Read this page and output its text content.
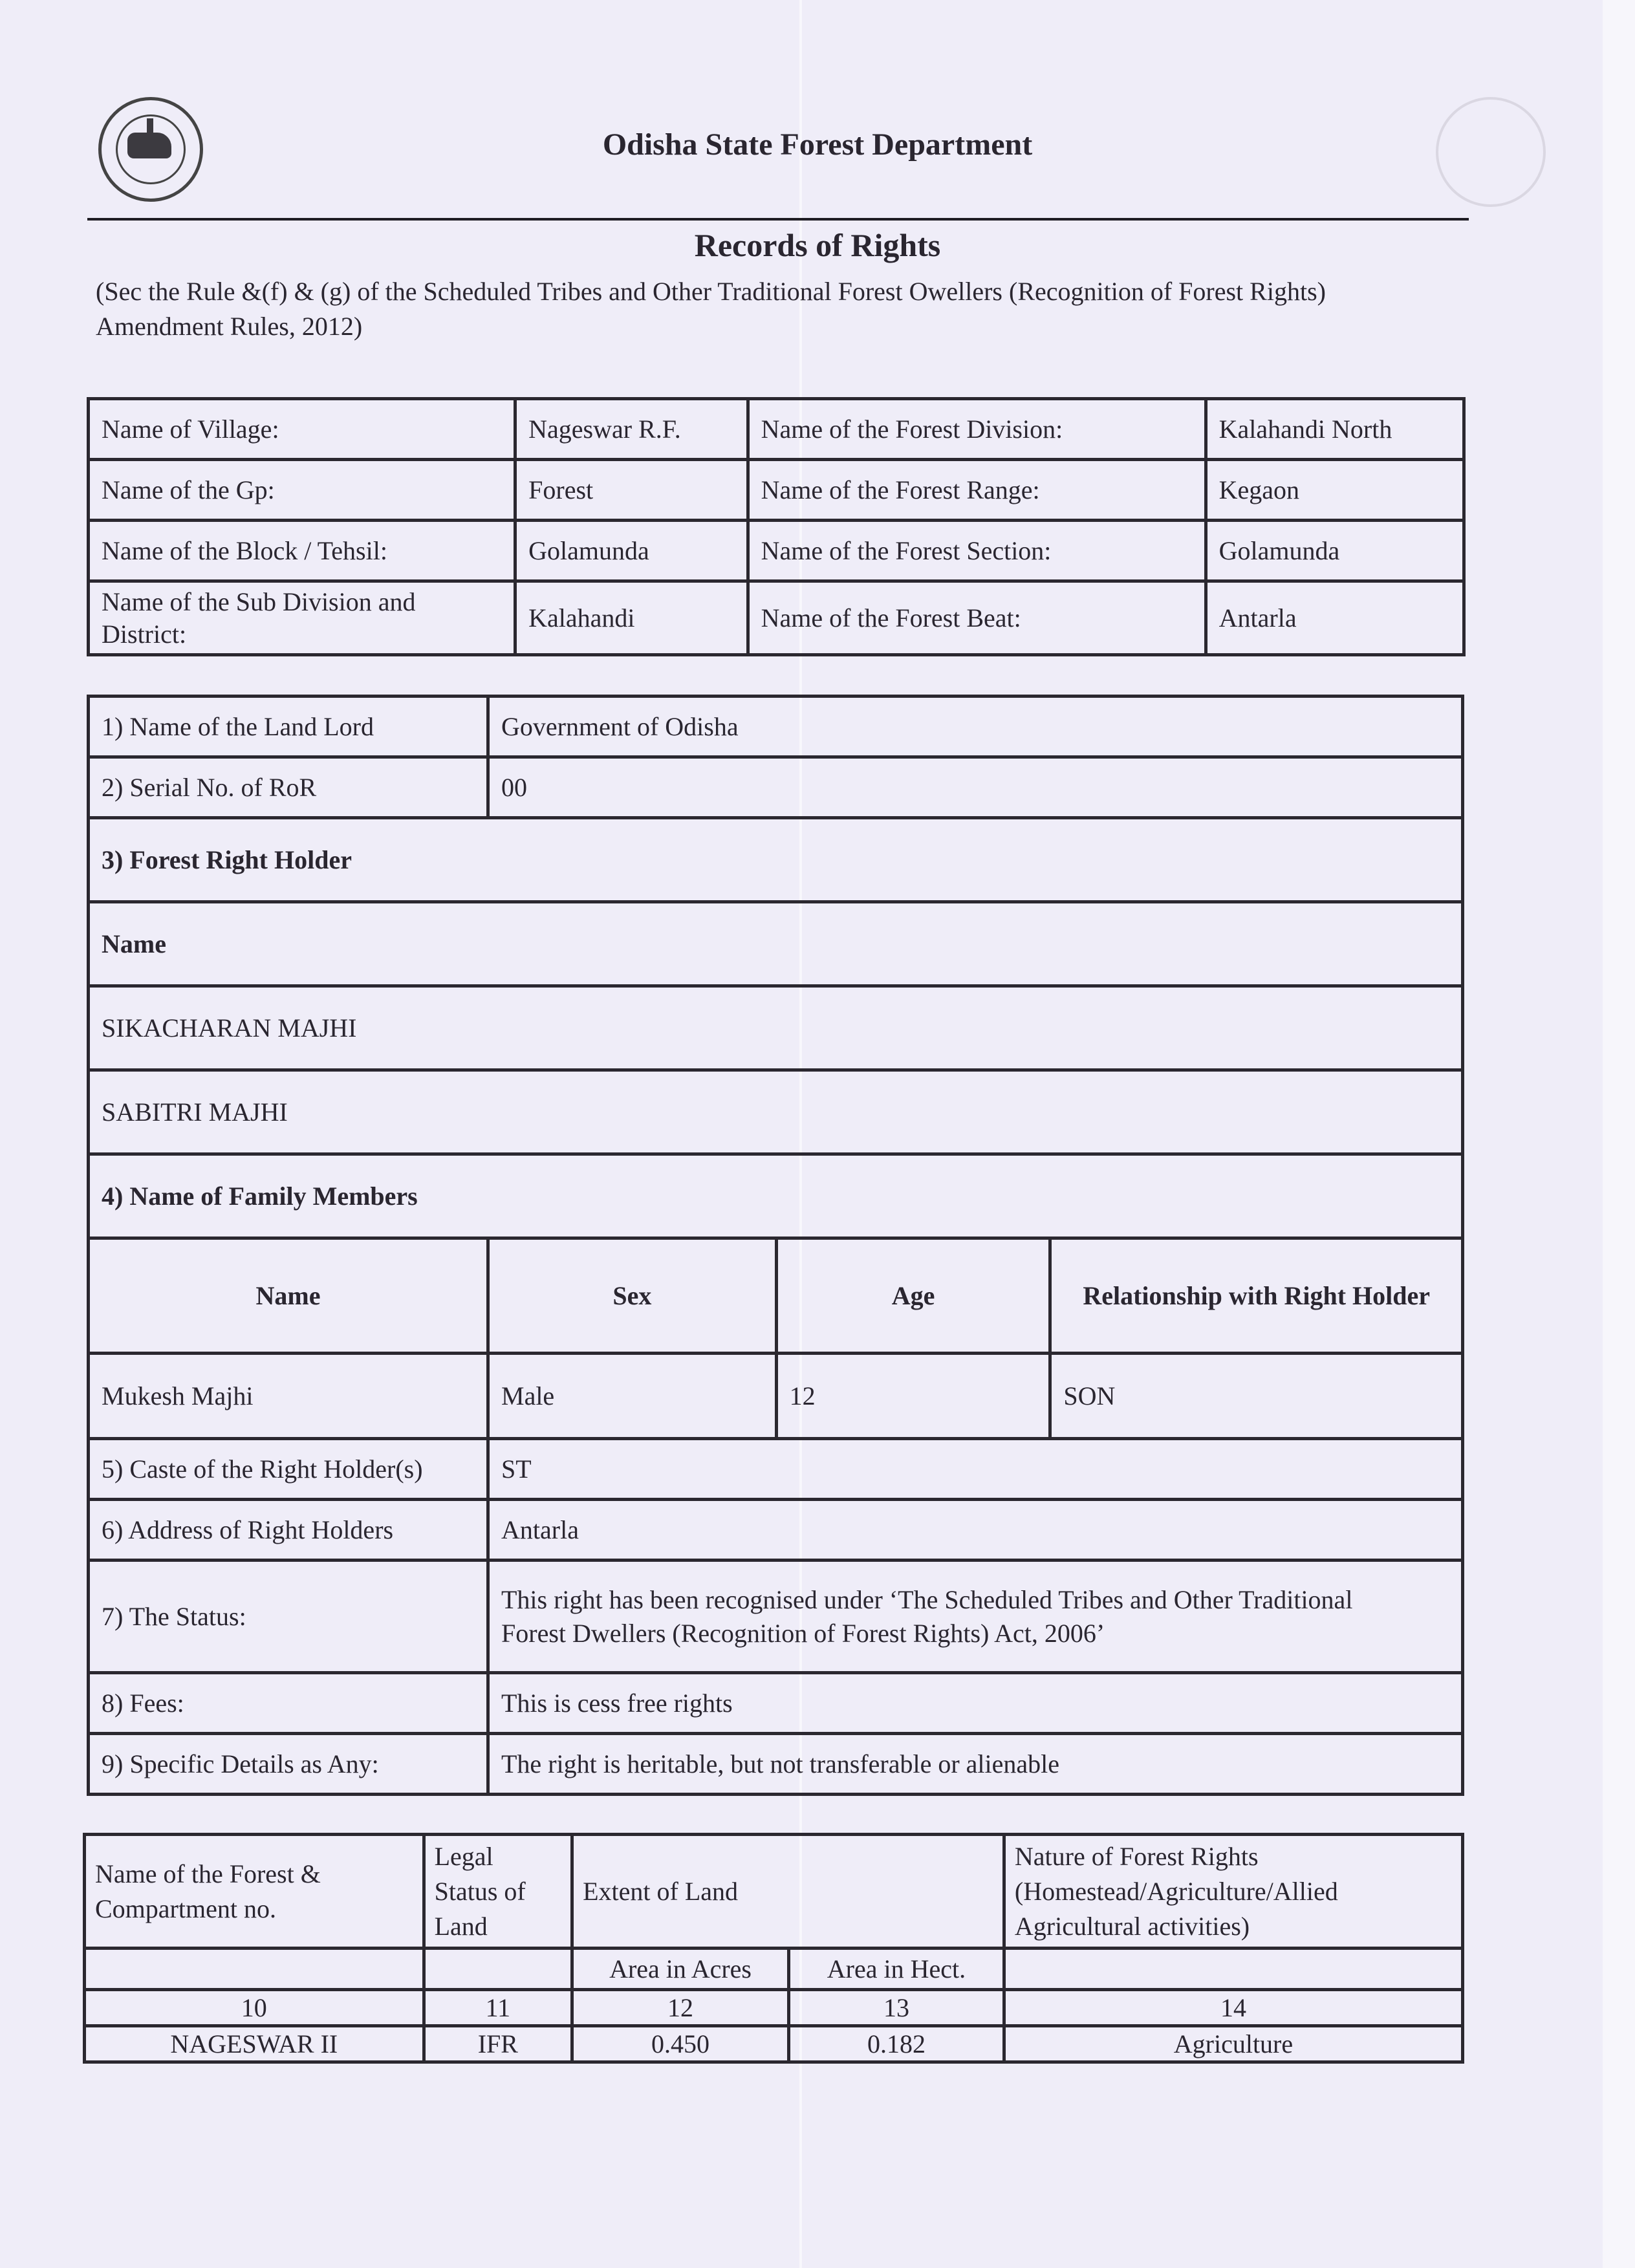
Odisha State Forest Department
Records of Rights
(Sec the Rule &(f) & (g) of the Scheduled Tribes and Other Traditional Forest Owellers (Recognition of Forest Rights) Amendment Rules, 2012)
Name of Village:	Nageswar R.F.	Name of the Forest Division:	Kalahandi North
Name of the Gp:	Forest	Name of the Forest Range:	Kegaon
Name of the Block / Tehsil:	Golamunda	Name of the Forest Section:	Golamunda
Name of the Sub Division and District:	Kalahandi	Name of the Forest Beat:	Antarla
1) Name of the Land Lord	Government of Odisha		
2) Serial No. of RoR	00		
3) Forest Right Holder			
Name			
SIKACHARAN MAJHI			
SABITRI MAJHI			
4) Name of Family Members			
Name	Sex	Age	Relationship with Right Holder
Mukesh Majhi	Male	12	SON
5) Caste of the Right Holder(s)	ST		
6) Address of Right Holders	Antarla		
7) The Status:	This right has been recognised under ‘The Scheduled Tribes and Other Traditional
Forest Dwellers (Recognition of Forest Rights) Act, 2006’		

8) Fees:	This is cess free rights		
9) Specific Details as Any:	The right is heritable, but not transferable or alienable		
Name of the Forest & Compartment no.	Legal Status of Land	Extent of Land		Nature of Forest Rights (Homestead/Agriculture/Allied Agricultural activities)
		Area in Acres	Area in Hect.	
10	11	12	13	14
NAGESWAR II	IFR	0.450	0.182	Agriculture
